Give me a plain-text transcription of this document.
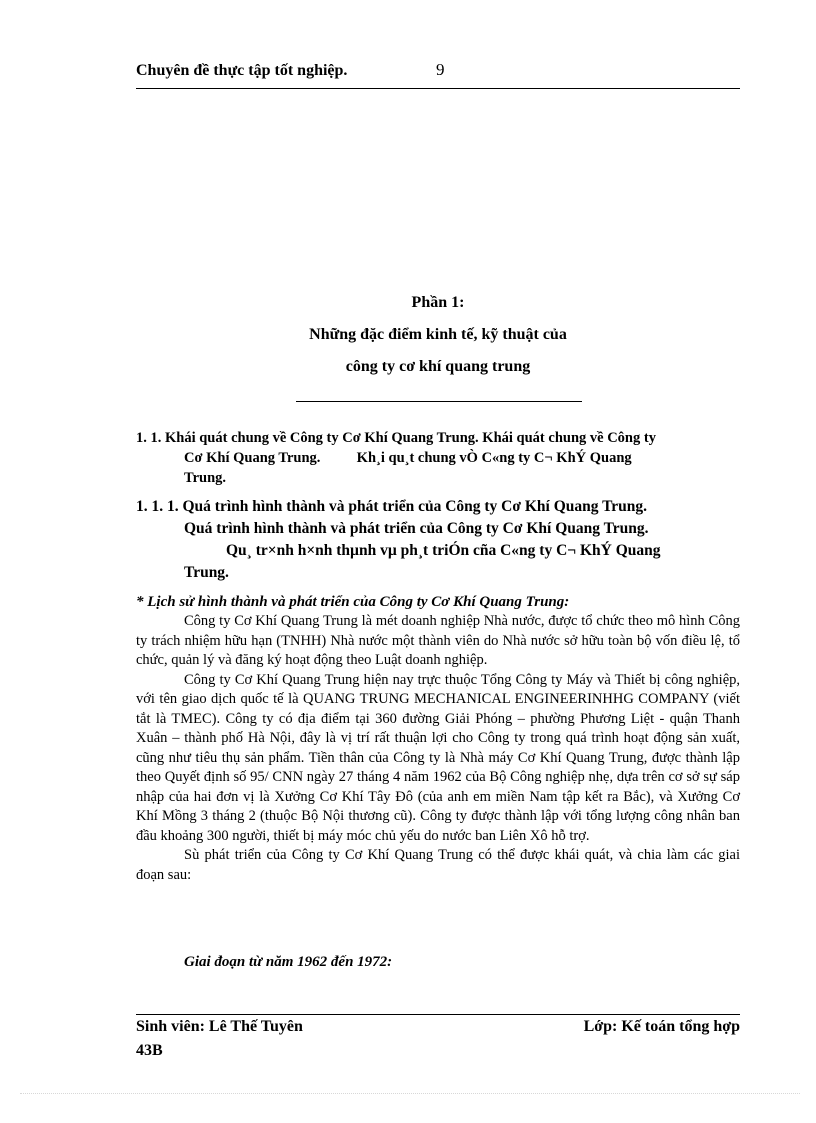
Chuyên đề thực tập tốt nghiệp.	9
Phần 1:
Những đặc điểm kinh tế, kỹ thuật của
công ty cơ khí quang trung
1. 1. Khái quát chung về Công ty Cơ Khí Quang Trung. Khái quát chung về Công ty
Cơ Khí Quang Trung.          Kh¸i qu¸t chung vÒ C«ng ty C¬ KhÝ Quang
Trung.
1. 1. 1. Quá trình hình thành và phát triển của Công ty Cơ Khí Quang Trung.
Quá trình hình thành và phát triển của Công ty Cơ Khí Quang Trung.
Qu¸ tr×nh h×nh thµnh vµ ph¸t triÓn cña C«ng ty C¬ KhÝ Quang
Trung.
* Lịch sử hình thành và phát triển của Công ty Cơ Khí Quang Trung:

Công ty Cơ Khí Quang Trung là mét doanh nghiệp Nhà nước, được tổ chức theo mô hình Công ty trách nhiệm hữu hạn (TNHH) Nhà nước một thành viên do Nhà nước sở hữu toàn bộ vốn điều lệ, tổ chức, quản lý và đăng ký hoạt động theo Luật doanh nghiệp.

Công ty Cơ Khí Quang Trung hiện nay trực thuộc Tổng Công ty Máy và Thiết bị công nghiệp, với tên giao dịch quốc tế là QUANG TRUNG MECHANICAL ENGINEERINHHG COMPANY (viết tắt là TMEC). Công ty có địa điểm tại 360 đường Giải Phóng – phường Phương Liệt - quận Thanh Xuân – thành phố Hà Nội, đây là vị trí rất thuận lợi cho Công ty trong quá trình hoạt động sản xuất, cũng như tiêu thụ sản phẩm. Tiền thân của Công ty là Nhà máy Cơ Khí Quang Trung, được thành lập theo Quyết định số 95/ CNN ngày 27 tháng 4 năm 1962 của Bộ Công nghiệp nhẹ, dựa trên cơ sở sự sáp nhập của hai đơn vị là Xưởng Cơ Khí Tây Đô (của anh em miền Nam tập kết ra Bắc), và Xưởng Cơ Khí Mồng 3 tháng 2 (thuộc Bộ Nội thương cũ). Công ty được thành lập với tổng lượng công nhân ban đầu khoảng 300 người, thiết bị máy móc chủ yếu do nước ban Liên Xô hỗ trợ.

Sù phát triển của Công ty Cơ Khí Quang Trung có thể được khái quát, và chia làm các giai đoạn sau:

Giai đoạn từ năm 1962 đến 1972:
Sinh viên: Lê Thế Tuyên	Lớp: Kế toán tổng hợp
43B
